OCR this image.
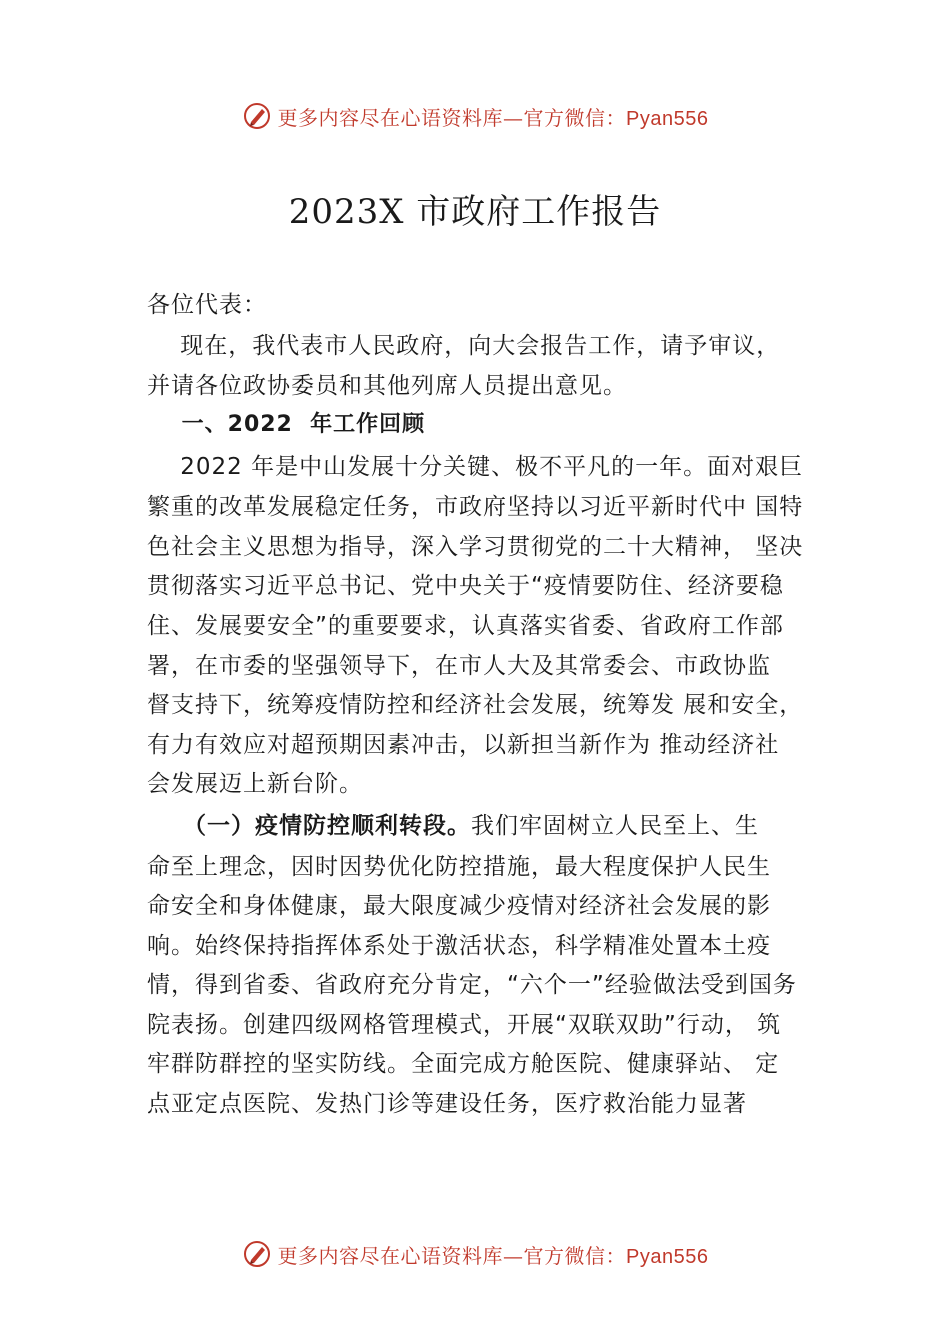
更多内容尽在心语资料库—官方微信：Pyan556
2023X 市政府工作报告
各位代表：
现在，我代表市人民政府，向大会报告工作，请予审议，
并请各位政协委员和其他列席人员提出意见。
一、2022  年工作回顾
2022 年是中山发展十分关键、极不平凡的一年。面对艰巨
繁重的改革发展稳定任务，市政府坚持以习近平新时代中 国特
色社会主义思想为指导，深入学习贯彻党的二十大精神， 坚决
贯彻落实习近平总书记、党中央关于“疫情要防住、经济要稳
住、发展要安全”的重要要求，认真落实省委、省政府工作部
署，在市委的坚强领导下，在市人大及其常委会、市政协监
督支持下，统筹疫情防控和经济社会发展，统筹发 展和安全，
有力有效应对超预期因素冲击，以新担当新作为 推动经济社
会发展迈上新台阶。
（一）疫情防控顺利转段。我们牢固树立人民至上、生
命至上理念，因时因势优化防控措施，最大程度保护人民生
命安全和身体健康，最大限度减少疫情对经济社会发展的影
响。始终保持指挥体系处于激活状态，科学精准处置本土疫
情，得到省委、省政府充分肯定，“六个一”经验做法受到国务
院表扬。创建四级网格管理模式，开展“双联双助”行动， 筑
牢群防群控的坚实防线。全面完成方舱医院、健康驿站、 定
点亚定点医院、发热门诊等建设任务，医疗救治能力显著
更多内容尽在心语资料库—官方微信：Pyan556
